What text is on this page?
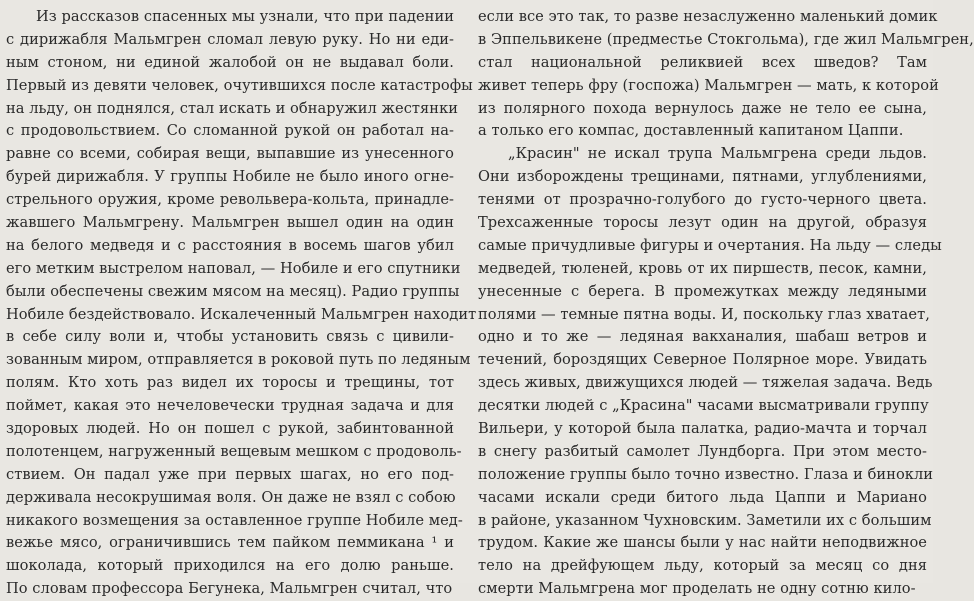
Из рассказов спасенных мы узнали, что при падении
с дирижабля Мальмгрен сломал левую руку. Но ни еди-
ным стоном, ни единой жалобой он не выдавал боли.
Первый из девяти человек, очутившихся после катастрофы
на льду, он поднялся, стал искать и обнаружил жестянки
с продовольствием. Со сломанной рукой он работал на-
равне со всеми, собирая вещи, выпавшие из унесенного
бурей дирижабля. У группы Нобиле не было иного огне-
стрельного оружия, кроме револьвера-кольта, принадле-
жавшего Мальмгрену. Мальмгрен вышел один на один
на белого медведя и с расстояния в восемь шагов убил
его метким выстрелом наповал, — Нобиле и его спутники
были обеспечены свежим мясом на месяц). Радио группы
Нобиле бездействовало. Искалеченный Мальмгрен находит
в себе силу воли и, чтобы установить связь с цивили-
зованным миром, отправляется в роковой путь по ледяным
полям. Кто хоть раз видел их торосы и трещины, тот
поймет, какая это нечеловечески трудная задача и для
здоровых людей. Но он пошел с рукой, забинтованной
полотенцем, нагруженный вещевым мешком с продоволь-
ствием. Он падал уже при первых шагах, но его под-
держивала несокрушимая воля. Он даже не взял с собою
никакого возмещения за оставленное группе Нобиле мед-
вежье мясо, ограничившись тем пайком пеммикана ¹ и
шоколада, который приходился на его долю раньше.
По словам профессора Бегунека, Мальмгрен считал, что
если все это так, то разве незаслуженно маленький домик
в Эппельвикене (предместье Стокгольма), где жил Мальмгрен,
стал национальной реликвией всех шведов? Там
живет теперь фру (госпожа) Мальмгрен — мать, к которой
из полярного похода вернулось даже не тело ее сына,
а только его компас, доставленный капитаном Цаппи.
„Красин" не искал трупа Мальмгрена среди льдов.
Они изборождены трещинами, пятнами, углублениями,
тенями от прозрачно-голубого до густо-черного цвета.
Трехсаженные торосы лезут один на другой, образуя
самые причудливые фигуры и очертания. На льду — следы
медведей, тюленей, кровь от их пиршеств, песок, камни,
унесенные с берега. В промежутках между ледяными
полями — темные пятна воды. И, поскольку глаз хватает,
одно и то же — ледяная вакханалия, шабаш ветров и
течений, бороздящих Северное Полярное море. Увидать
здесь живых, движущихся людей — тяжелая задача. Ведь
десятки людей с „Красина" часами высматривали группу
Вильери, у которой была палатка, радио-мачта и торчал
в снегу разбитый самолет Лундборга. При этом место-
положение группы было точно известно. Глаза и бинокли
часами искали среди битого льда Цаппи и Мариано
в районе, указанном Чухновским. Заметили их с большим
трудом. Какие же шансы были у нас найти неподвижное
тело на дрейфующем льду, который за месяц со дня
смерти Мальмгрена мог проделать не одну сотню кило-
